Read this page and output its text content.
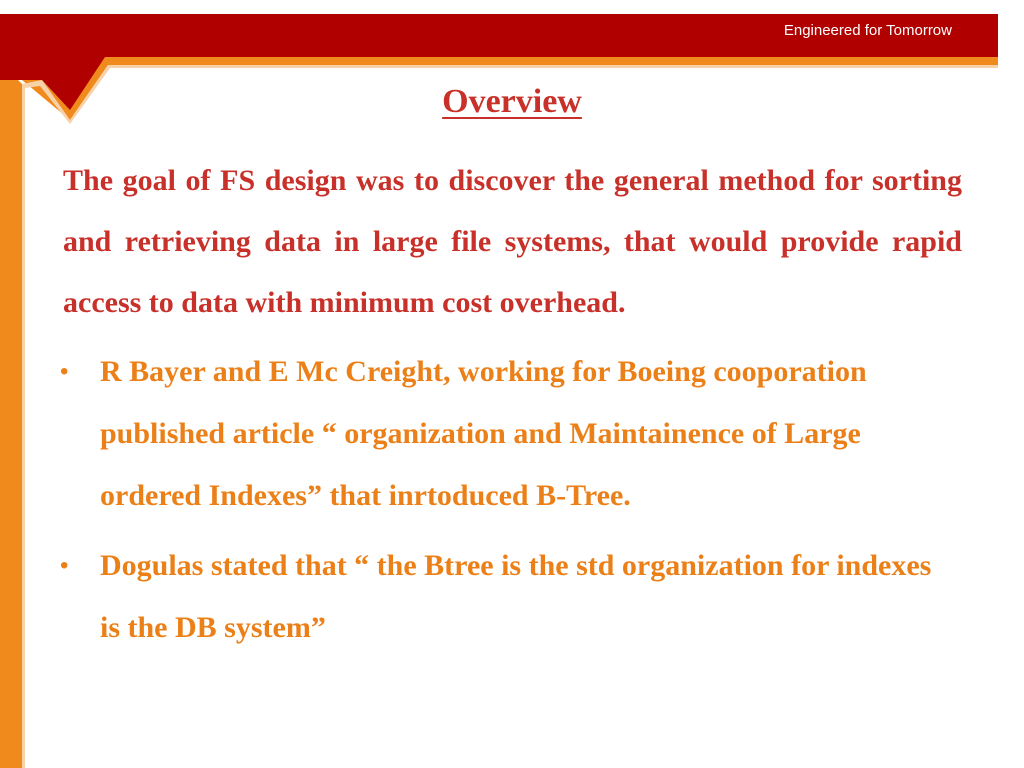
Engineered for Tomorrow
Overview

The goal of FS design was to discover the general method for sorting and retrieving data in large file systems, that would provide rapid access to data with minimum cost overhead.

• R Bayer and E Mc Creight, working for Boeing cooporation published article “ organization and Maintainence of Large ordered Indexes” that inrtoduced B-Tree.
• Dogulas stated that “ the Btree is the std organization for indexes is the DB system”
